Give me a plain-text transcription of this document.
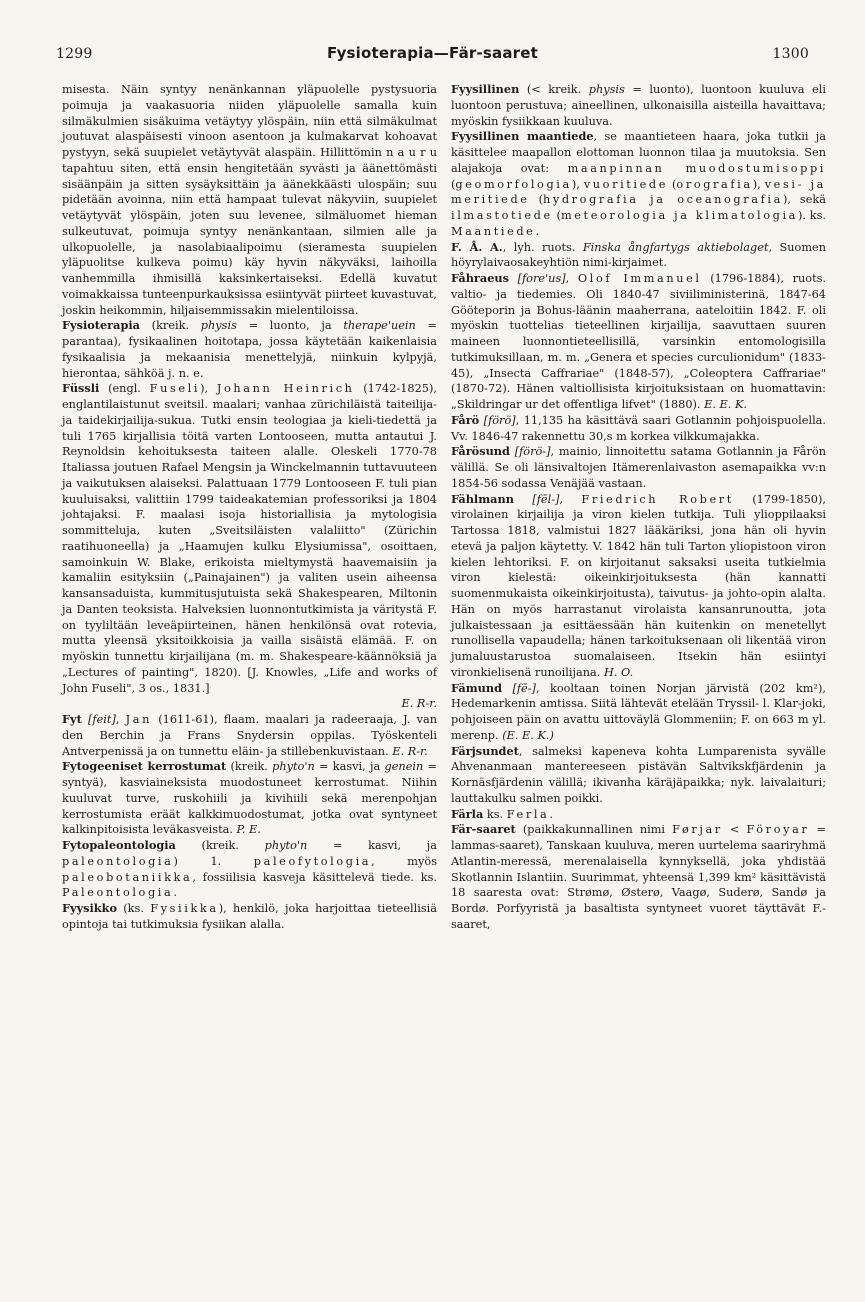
1299	Fysioterapia—Fär-saaret	1300

misesta. Näin syntyy nenänkannan yläpuolelle pystysuoria poimuja ja vaakasuoria niiden yläpuolelle samalla kuin silmäkulmien sisäkuima vetäytyy ylöspäin, niin että silmäkulmat joutuvat alaspäisesti vinoon asentoon ja kulmakarvat kohoavat pystyyn, sekä suupielet vetäytyvät alaspäin. Hillittömin n a u r u tapahtuu siten, että ensin hengitetään syvästi ja äänettömästi sisäänpäin ja sitten sysäyksittäin ja äänekkäästi ulospäin; suu pidetään avoinna, niin että hampaat tulevat näkyviin, suupielet vetäytyvät ylöspäin, joten suu levenee, silmäluomet hieman sulkeutuvat, poimuja syntyy nenänkantaan, silmien alle ja ulkopuolelle, ja nasolabiaalipoimu (sieramesta suupielen yläpuolitse kulkeva poimu) käy hyvin näkyväksi, laihoilla vanhemmilla ihmisillä kaksinkertaiseksi. Edellä kuvatut voimakkaissa tunteenpurkauksissa esiintyvät piirteet kuvastuvat, joskin heikommin, hiljaisemmissakin mielentiloissa.

Fysioterapia (kreik. physis = luonto, ja therape'uein = parantaa), fysikaalinen hoitotapa, jossa käytetään kaikenlaisia fysikaalisia ja mekaanisia menettelyjä, niinkuin kylpyjä, hierontaa, sähköä j. n. e.

Füssli (engl. Fuseli), Johann Heinrich (1742-1825), englantilaistunut sveitsil. maalari; vanhaa zürichiläistä taiteilija- ja taidekirjailija-sukua. Tutki ensin teologiaa ja kieli-tiedettä ja tuli 1765 kirjallisia töitä varten Lontooseen, mutta antautui J. Reynoldsin kehoituksesta taiteen alalle. Oleskeli 1770-78 Italiassa joutuen Rafael Mengsin ja Winckelmannin tuttavuuteen ja vaikutuksen alaiseksi. Palattuaan 1779 Lontooseen F. tuli pian kuuluisaksi, valittiin 1799 taideakatemian professoriksi ja 1804 johtajaksi. F. maalasi isoja historiallisia ja mytologisia sommitteluja, kuten „Sveitsiläisten valaliitto" (Zürichin raatihuoneella) ja „Haamujen kulku Elysiumissa", osoittaen, samoinkuin W. Blake, erikoista mieltymystä haavemaisiin ja kamaliin esityksiin („Painajainen") ja valiten usein aiheensa kansansaduista, kummitusjutuista sekä Shakespearen, Miltonin ja Danten teoksista. Halveksien luonnontutkimista ja väritystä F. on tyyliltään leveäpiirteinen, hänen henkilönsä ovat rotevia, mutta yleensä yksitoikkoisia ja vailla sisäistä elämää. F. on myöskin tunnettu kirjailijana (m. m. Shakespeare-käännöksiä ja „Lectures of painting", 1820). [J. Knowles, „Life and works of John Fuseli", 3 os., 1831.]

E. R-r.

Fyt [feit], Jan (1611-61), flaam. maalari ja radeeraaja, J. van den Berchin ja Frans Snydersin oppilas. Työskenteli Antverpenissä ja on tunnettu eläin- ja stillebenkuvistaan. E. R-r.

Fytogeeniset kerrostumat (kreik. phyto'n = kasvi, ja genein = syntyä), kasviaineksista muodostuneet kerrostumat. Niihin kuuluvat turve, ruskohiili ja kivihiili sekä merenpohjan kerrostumista eräät kalkkimuodostumat, jotka ovat syntyneet kalkinpitoisista leväkasveista. P. E.

Fytopaleontologia (kreik. phyto'n = kasvi, ja paleontologia) 1. paleofytologia, myös paleobotaniikka, fossiilisia kasveja käsittelevä tiede. ks. Paleontologia.

Fyysikko (ks. Fysiikka), henkilö, joka harjoittaa tieteellisiä opintoja tai tutkimuksia fysiikan alalla.

Fyysillinen (< kreik. physis = luonto), luontoon kuuluva eli luontoon perustuva; aineellinen, ulkonaisilla aisteilla havaittava; myöskin fysiikkaan kuuluva.

Fyysillinen maantiede, se maantieteen haara, joka tutkii ja käsittelee maapallon elottoman luonnon tilaa ja muutoksia. Sen alajakoja ovat: maanpinnan muodostumisoppi (geomorfologia), vuoritiede (orografia), vesi- ja meritiede (hydrografia ja oceanografia), sekä ilmastotiede (meteorologia ja klimatologia). ks. Maantiede.

F. Å. A., lyh. ruots. Finska ångfartygs aktiebolaget, Suomen höyrylaivaosakeyhtiön nimi-kirjaimet.

Fåhraeus [fore'us], Olof Immanuel (1796-1884), ruots. valtio- ja tiedemies. Oli 1840-47 siviiliministerinä, 1847-64 Gööteporin ja Bohus-läänin maaherrana, aateloitiin 1842. F. oli myöskin tuottelias tieteellinen kirjailija, saavuttaen suuren maineen luonnontieteellisillä, varsinkin entomologisilla tutkimuksillaan, m. m. „Genera et species curculionidum" (1833-45), „Insecta Caffrariae" (1848-57), „Coleoptera Caffrariae" (1870-72). Hänen valtiollisista kirjoituksistaan on huomattavin: „Skildringar ur det offentliga lifvet" (1880). E. E. K.

Fårö [förö], 11,135 ha käsittävä saari Gotlannin pohjoispuolella. Vv. 1846-47 rakennettu 30,s m korkea vilkkumajakka.

Fårösund [förö-], mainio, linnoitettu satama Gotlannin ja Fårön välillä. Se oli länsivaltojen Itämerenlaivaston asemapaikka vv:n 1854-56 sodassa Venäjää vastaan.

Fählmann [fēl-], Friedrich Robert (1799-1850), virolainen kirjailija ja viron kielen tutkija. Tuli ylioppilaaksi Tartossa 1818, valmistui 1827 lääkäriksi, jona hän oli hyvin etevä ja paljon käytetty. V. 1842 hän tuli Tarton yliopistoon viron kielen lehtoriksi. F. on kirjoitanut saksaksi useita tutkielmia viron kielestä: oikeinkirjoituksesta (hän kannatti suomenmukaista oikeinkirjoitusta), taivutus- ja johto-opin alalta. Hän on myös harrastanut virolaista kansanrunoutta, jota julkaistessaan ja esittäessään hän kuitenkin on menetellyt runollisella vapaudella; hänen tarkoituksenaan oli likentää viron jumaluustarustoa suomalaiseen. Itsekin hän esiintyi vironkielisenä runoilijana. H. O.

Fämund [fē-], kooltaan toinen Norjan järvistä (202 km²), Hedemarkenin amtissa. Siitä lähtevät etelään Tryssil- l. Klar-joki, pohjoiseen päin on avattu uittoväylä Glommeniin; F. on 663 m yl. merenp. (E. E. K.)

Färjsundet, salmeksi kapeneva kohta Lumparenista syvälle Ahvenanmaan mantereeseen pistävän Saltvikskfjärdenin ja Kornäsfjärdenin välillä; ikivanha käräjäpaikka; nyk. laivalaituri; lauttakulku salmen poikki.

Färla ks. Ferla.

Fär-saaret (paikkakunnallinen nimi Førjar < Föroyar = lammas-saaret), Tanskaan kuuluva, meren uurtelema saariryhmä Atlantin-meressä, merenalaisella kynnyksellä, joka yhdistää Skotlannin Islantiin. Suurimmat, yhteensä 1,399 km² käsittävistä 18 saaresta ovat: Strømø, Østerø, Vaagø, Suderø, Sandø ja Bordø. Porfyyristä ja basaltista syntyneet vuoret täyttävät F.-saaret,
